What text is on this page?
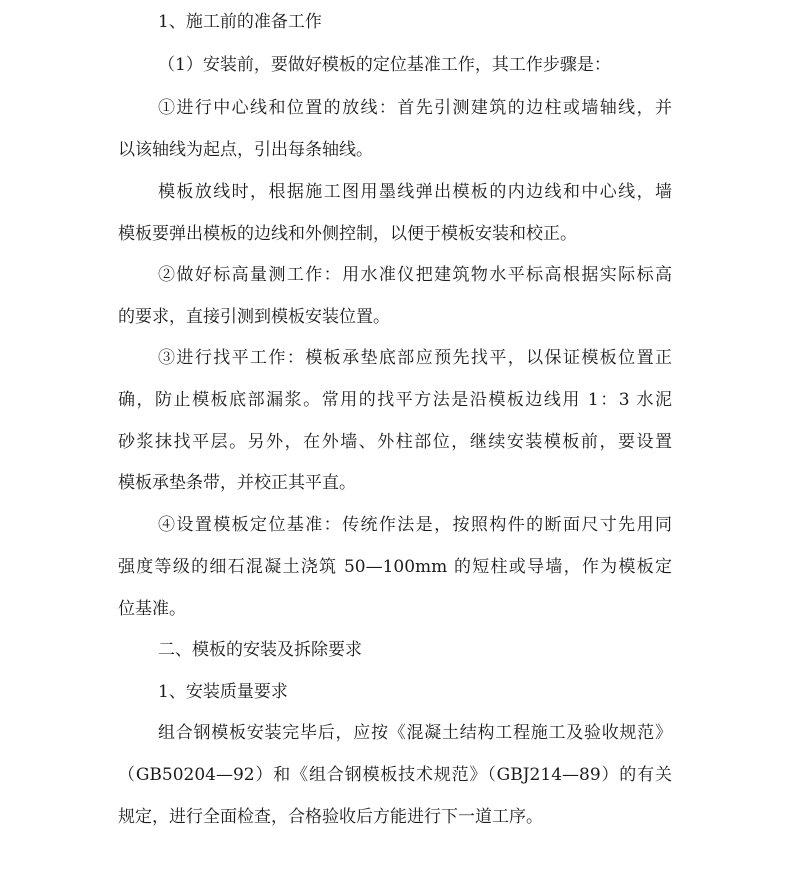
1、施工前的准备工作
（1）安装前，要做好模板的定位基准工作，其工作步骤是：
①进行中心线和位置的放线：首先引测建筑的边柱或墙轴线，并
以该轴线为起点，引出每条轴线。
模板放线时，根据施工图用墨线弹出模板的内边线和中心线，墙
模板要弹出模板的边线和外侧控制，以便于模板安装和校正。
②做好标高量测工作：用水准仪把建筑物水平标高根据实际标高
的要求，直接引测到模板安装位置。
③进行找平工作：模板承垫底部应预先找平，以保证模板位置正
确，防止模板底部漏浆。常用的找平方法是沿模板边线用 1：3 水泥
砂浆抹找平层。另外，在外墙、外柱部位，继续安装模板前，要设置
模板承垫条带，并校正其平直。
④设置模板定位基准：传统作法是，按照构件的断面尺寸先用同
强度等级的细石混凝土浇筑 50—100mm 的短柱或导墙，作为模板定
位基准。
二、模板的安装及拆除要求
1、安装质量要求
组合钢模板安装完毕后，应按《混凝土结构工程施工及验收规范》
（GB50204—92）和《组合钢模板技术规范》（GBJ214—89）的有关
规定，进行全面检查，合格验收后方能进行下一道工序。
